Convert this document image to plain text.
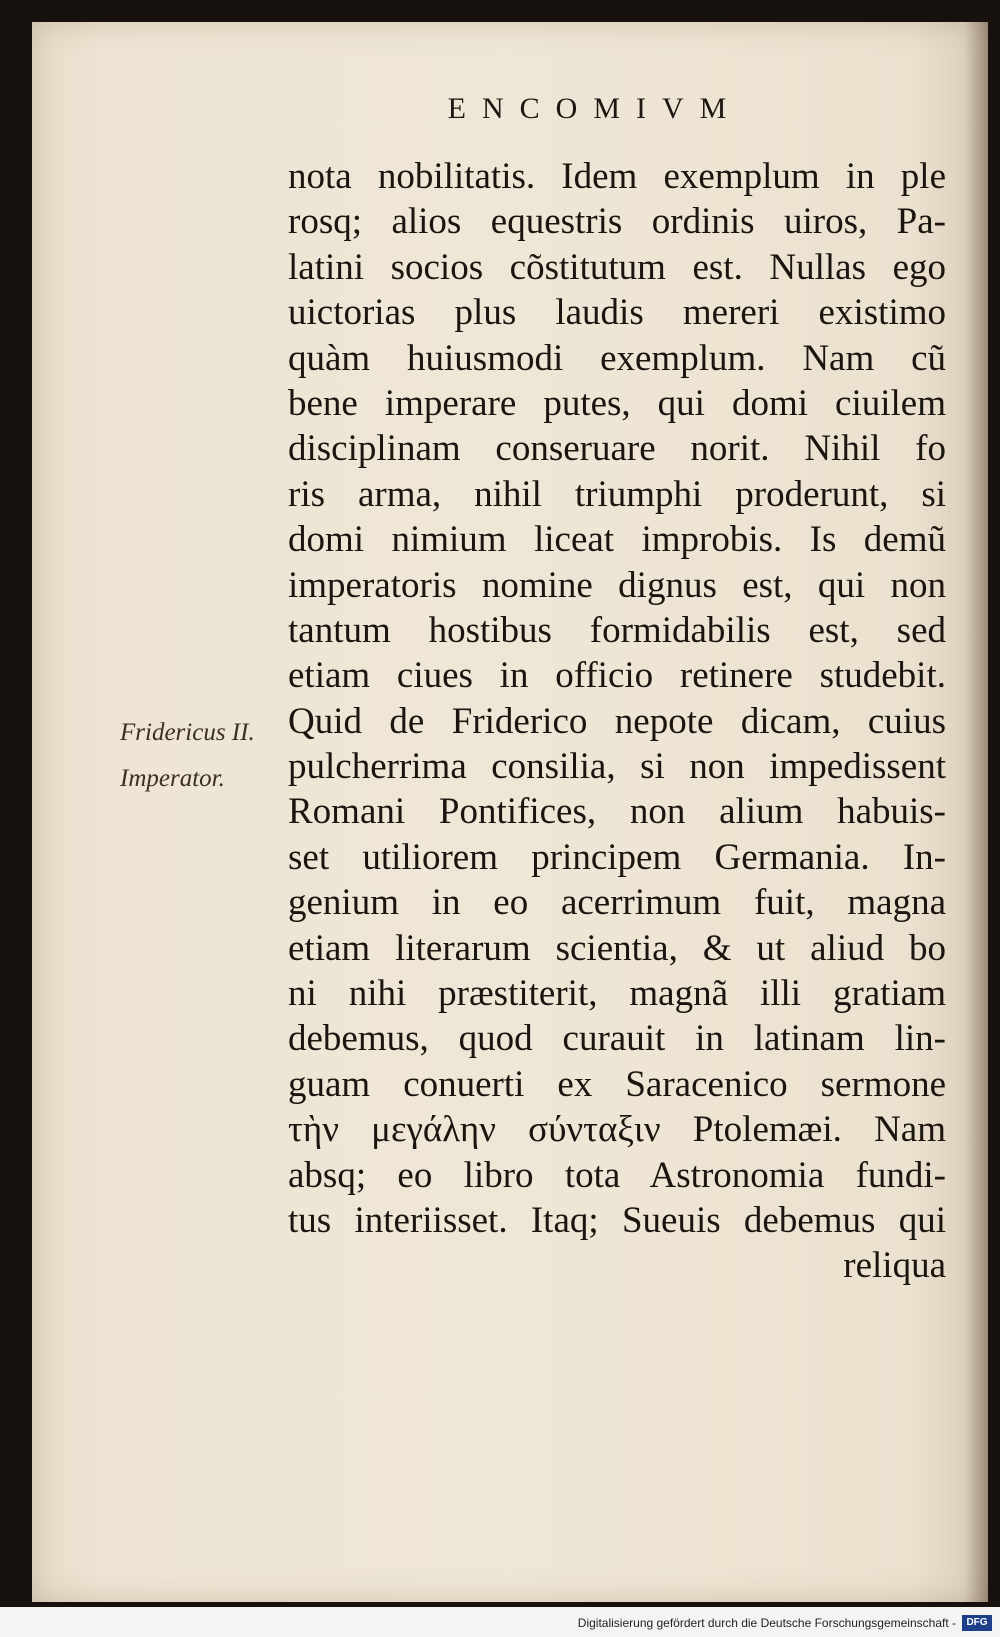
ENCOMIVM
Fridericus II.
Imperator.
nota nobilitatis. Idem exemplum in ple
rosq; alios equestris ordinis uiros, Pa-
latini socios cõstitutum est. Nullas ego
uictorias plus laudis mereri existimo
quàm huiusmodi exemplum. Nam cũ
bene imperare putes, qui domi ciuilem
disciplinam conseruare norit. Nihil fo
ris arma, nihil triumphi proderunt, si
domi nimium liceat improbis. Is demũ
imperatoris nomine dignus est, qui non
tantum hostibus formidabilis est, sed
etiam ciues in officio retinere studebit.
Quid de Friderico nepote dicam, cuius
pulcherrima consilia, si non impedissent
Romani Pontifices, non alium habuis-
set utiliorem principem Germania. In-
genium in eo acerrimum fuit, magna
etiam literarum scientia, & ut aliud bo
ni nihi præstiterit, magnã illi gratiam
debemus, quod curauit in latinam lin-
guam conuerti ex Saracenico sermone
τὴν μεγάλην σύνταξιν Ptolemæi. Nam
absq; eo libro tota Astronomia fundi-
tus interiisset. Itaq; Sueuis debemus qui
reliqua
Digitalisierung gefördert durch die Deutsche Forschungsgemeinschaft -	DFG
